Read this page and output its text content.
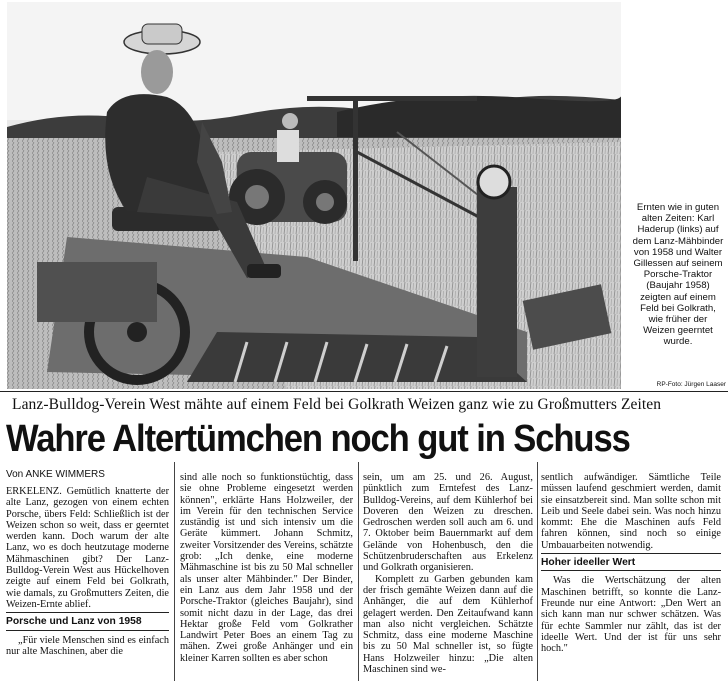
Ernten wie in guten alten Zeiten: Karl Haderup (links) auf dem Lanz-Mähbinder von 1958 und Walter Gillessen auf seinem Porsche-Traktor (Baujahr 1958) zeigten auf einem Feld bei Golkrath, wie früher der Weizen geerntet wurde.
RP-Foto: Jürgen Laaser
Lanz-Bulldog-Verein West mähte auf einem Feld bei Golkrath Weizen ganz wie zu Großmutters Zeiten
Wahre Altertümchen noch gut in Schuss
Von ANKE WIMMERS

ERKELENZ. Gemütlich knatterte der alte Lanz, gezogen von einem echten Porsche, übers Feld: Schließlich ist der Weizen schon so weit, dass er geerntet werden kann. Doch warum der alte Lanz, wo es doch heutzutage moderne Mähmaschinen gibt? Der Lanz-Bulldog-Verein West aus Hückelhoven zeigte auf einem Feld bei Golkrath, wie damals, zu Großmutters Zeiten, die Weizen-Ernte ablief.

Porsche und Lanz von 1958

„Für viele Menschen sind es einfach nur alte Maschinen, aber die

sind alle noch so funktionstüchtig, dass sie ohne Probleme eingesetzt werden können", erklärte Hans Holzweiler, der im Verein für den technischen Service zuständig ist und sich intensiv um die Geräte kümmert. Johann Schmitz, zweiter Vorsitzender des Vereins, schätzte grob: „Ich denke, eine moderne Mähmaschine ist bis zu 50 Mal schneller als unser alter Mähbinder." Der Binder, ein Lanz aus dem Jahr 1958 und der Porsche-Traktor (gleiches Baujahr), sind somit nicht dazu in der Lage, das drei Hektar große Feld vom Golkrather Landwirt Peter Boes an einem Tag zu mähen. Zwei große Anhänger und ein kleiner Karren sollten es aber schon

sein, um am 25. und 26. August, pünktlich zum Erntefest des Lanz-Bulldog-Vereins, auf dem Kühlerhof bei Doveren den Weizen zu dreschen. Gedroschen werden soll auch am 6. und 7. Oktober beim Bauernmarkt auf dem Gelände von Hohenbusch, den die Schützenbruderschaften aus Erkelenz und Golkrath organisieren.

Komplett zu Garben gebunden kam der frisch gemähte Weizen dann auf die Anhänger, die auf dem Kühlerhof gelagert werden. Den Zeitaufwand kann man also nicht vergleichen. Schätzte Schmitz, dass eine moderne Maschine bis zu 50 Mal schneller ist, so fügte Hans Holzweiler hinzu: „Die alten Maschinen sind we-

sentlich aufwändiger. Sämtliche Teile müssen laufend geschmiert werden, damit sie einsatzbereit sind. Man sollte schon mit Leib und Seele dabei sein. Was noch hinzu kommt: Ehe die Maschinen aufs Feld fahren können, sind noch so einige Umbauarbeiten notwendig.

Hoher ideeller Wert

Was die Wertschätzung der alten Maschinen betrifft, so konnte die Lanz-Freunde nur eine Antwort: „Den Wert an sich kann man nur schwer schätzen. Was für echte Sammler nur zählt, das ist der ideelle Wert. Und der ist für uns sehr hoch."
